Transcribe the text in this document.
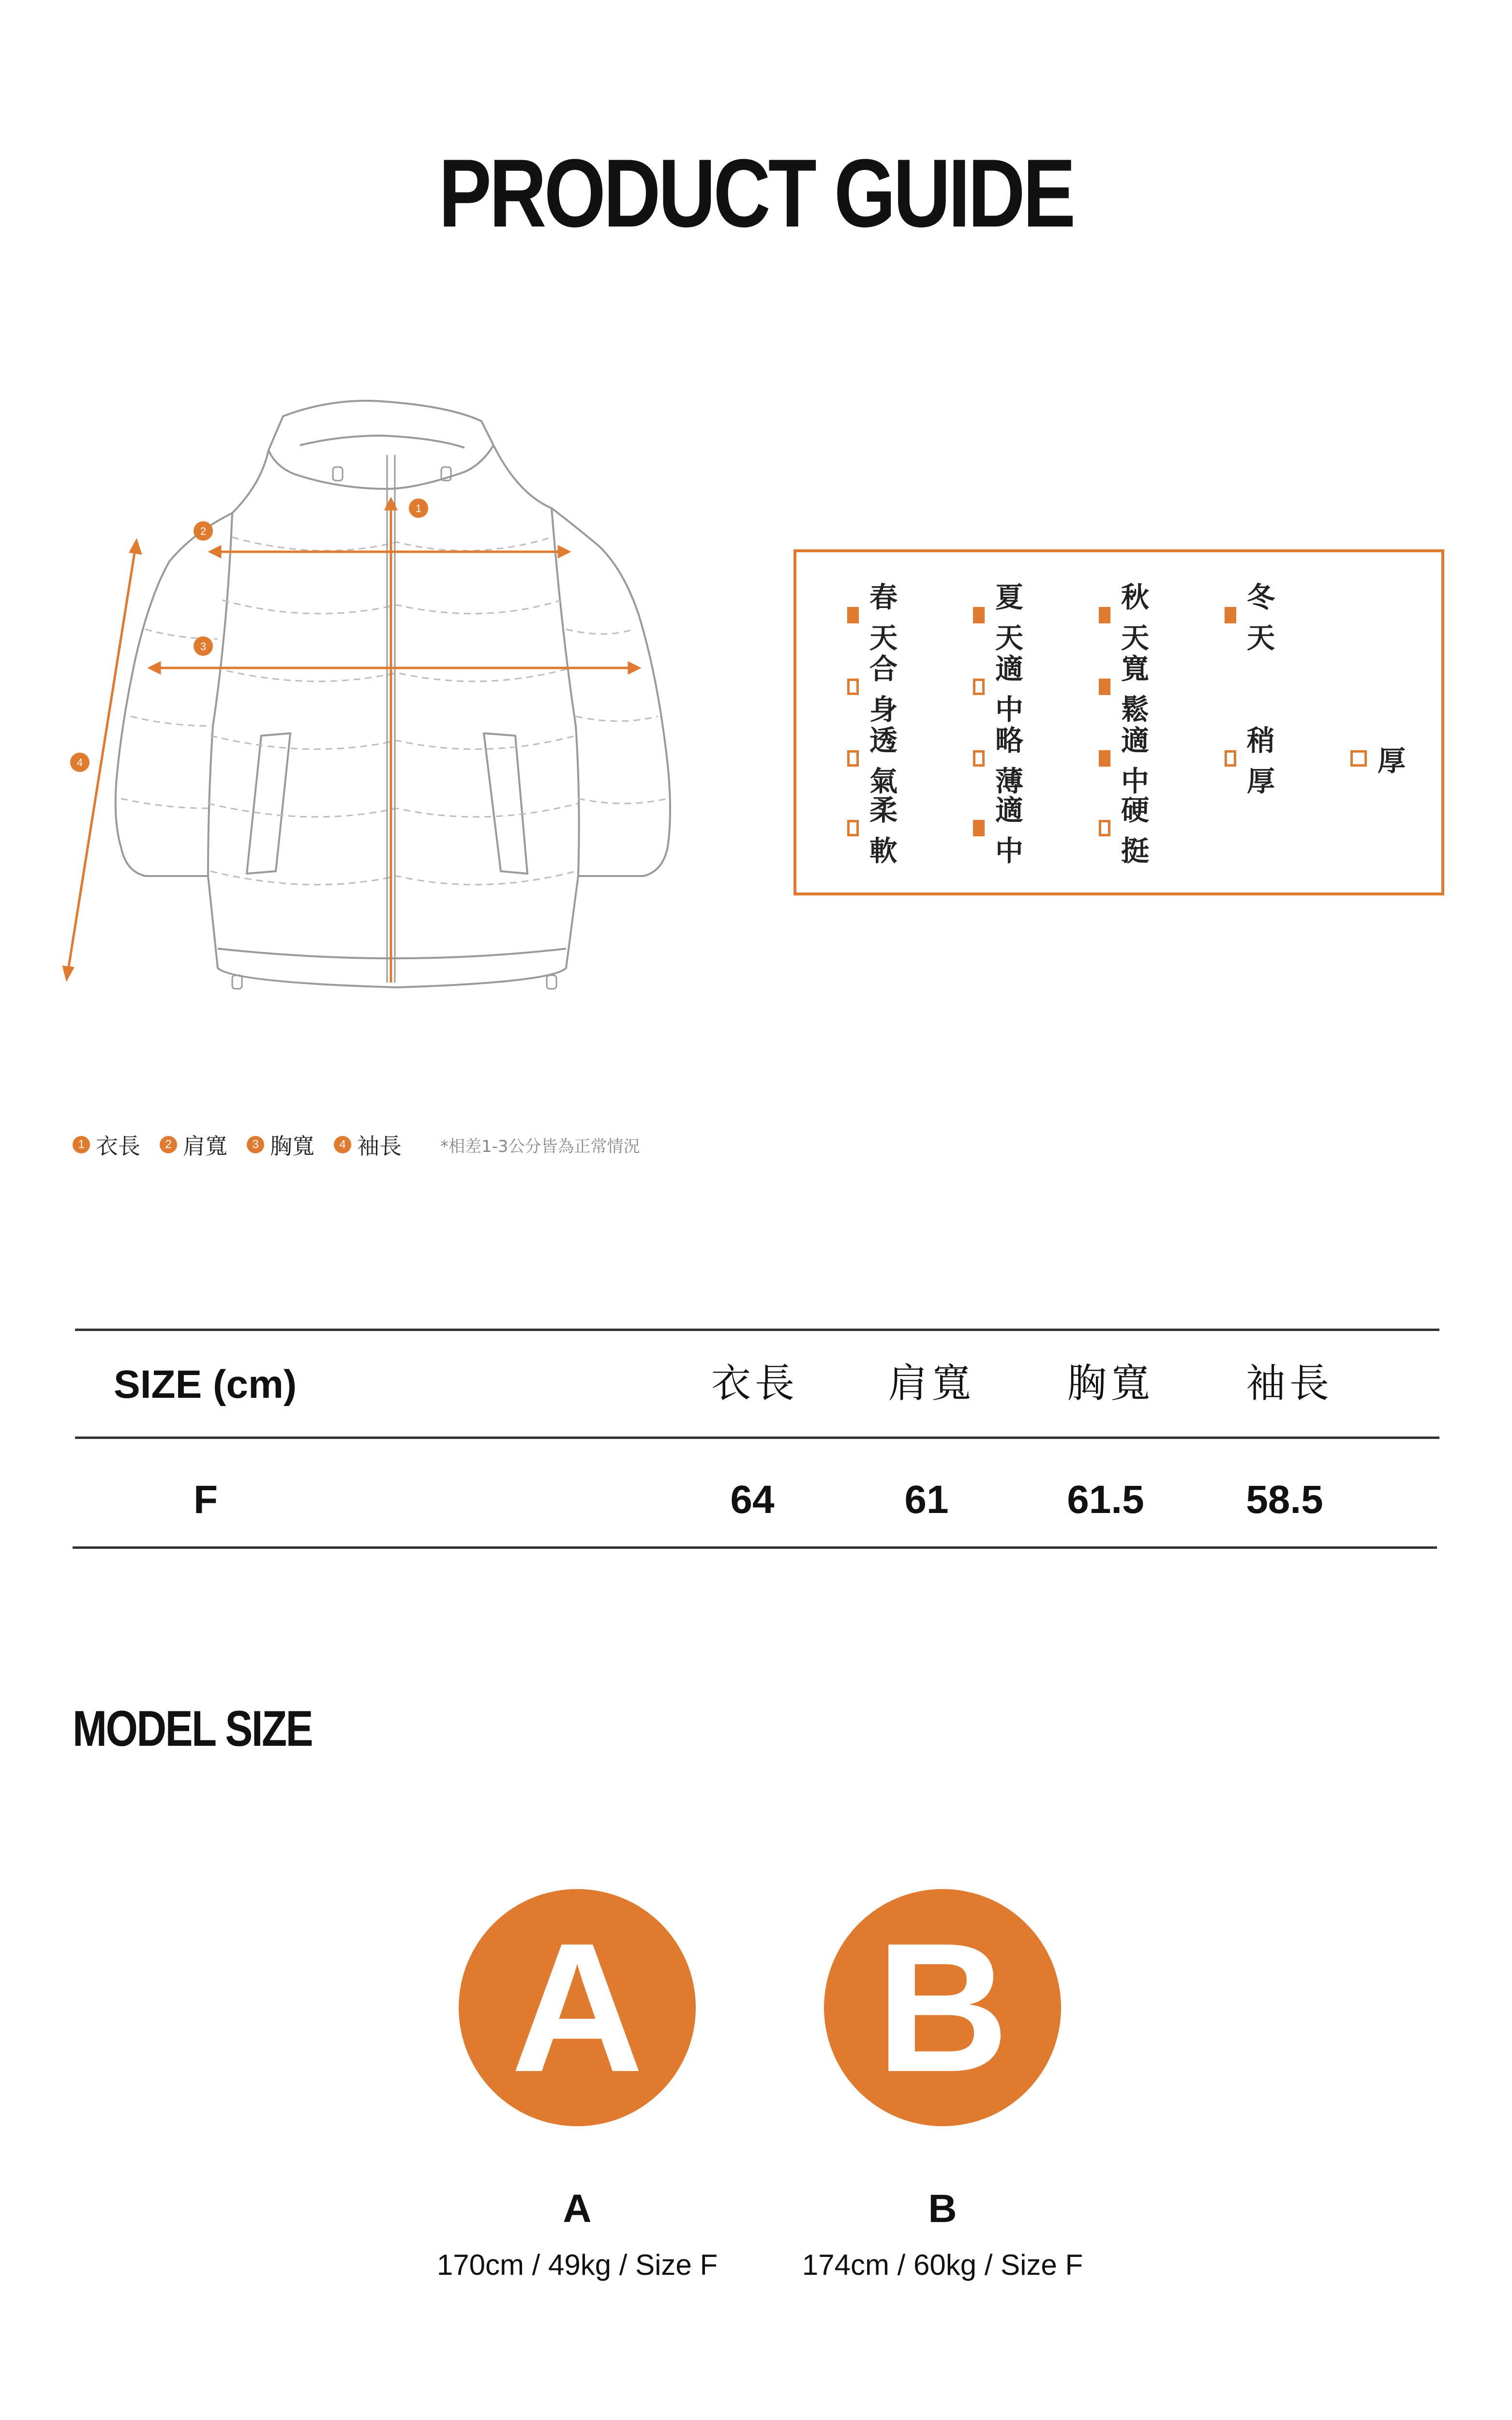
PRODUCT GUIDE
1
2
3
4
春天
夏天
秋天
冬天
合身
適中
寬鬆
透氣
略薄
適中
稍厚
厚
柔軟
適中
硬挺
1 衣長	2 肩寬	3 胸寬	4 袖長 *相差1-3公分皆為正常情況
SIZE (cm)	衣長 肩寬 胸寬 袖長
F	64	61	61.5	58.5
MODEL SIZE
A B
A	B
170cm / 49kg / Size F	174cm / 60kg / Size F
